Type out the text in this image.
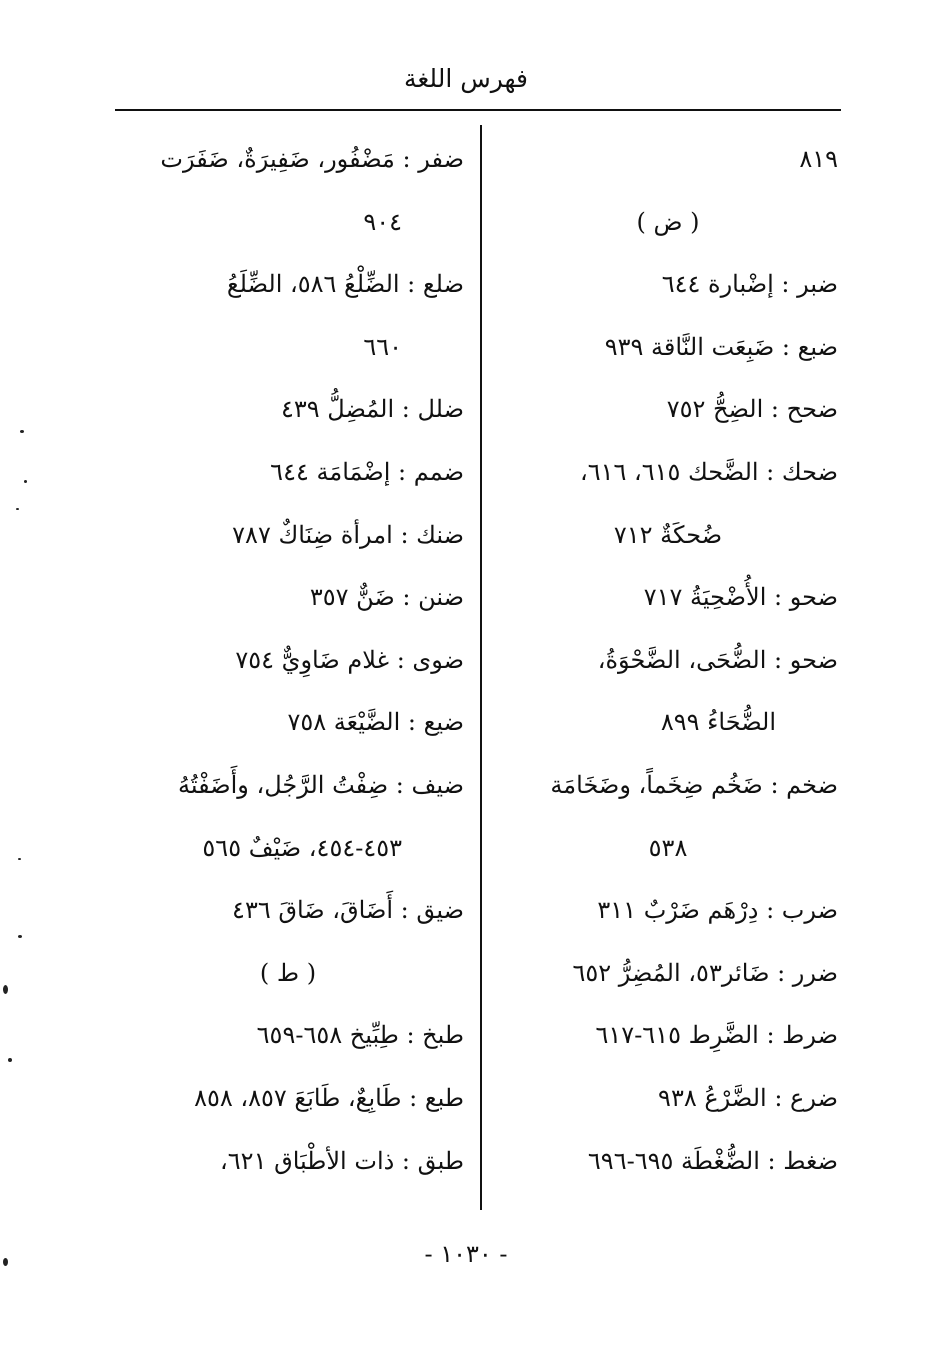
فهرس اللغة
٨١٩
( ض )
ضبر : إضْبارة ٦٤٤
ضبع : ضَبِعَت النَّاقة ٩٣٩
ضحح : الضِحُّ ٧٥٢
ضحك : الضَّحك ٦١٥، ٦١٦،
ضُحكَةٌ ٧١٢
ضحو : الأُضْحِيَةُ ٧١٧
ضحو : الضُّحَى، الضَّحْوَةُ،
الضُّحَاءُ ٨٩٩
ضخم : ضَخُم ضِخَماً، وضَخَامَة
٥٣٨
ضرب : دِرْهَم ضَرْبٌ ٣١١
ضرر : ضَائر٥٣، المُضِرُّ ٦٥٢
ضرط : الضَّرِط ٦١٥-٦١٧
ضرع : الضَّرْعُ ٩٣٨
ضغط : الضُّغْطَة ٦٩٥-٦٩٦
ضفر : مَضْفُور، ضَفِيرَةٌ، ضَفَرَت
٩٠٤
ضلع : الضِّلْعُ ٥٨٦، الضِّلَعُ
٦٦٠
ضلل : المُضِلُّ ٤٣٩
ضمم : إضْمَامَة ٦٤٤
ضنك : امرأة ضِنَاكٌ ٧٨٧
ضنن : ضَنٌّ ٣٥٧
ضوى : غلام ضَاوِيٌّ ٧٥٤
ضيع : الضَّيْعَة ٧٥٨
ضيف : ضِفْتُ الرَّجُل، وأَضَفْتُهُ
٤٥٣-٤٥٤، ضَيْفٌ ٥٦٥
ضيق : أَضَاقَ، ضَاقَ ٤٣٦
( ط )
طبخ : طِبِّيخ ٦٥٨-٦٥٩
طبع : طَابِعٌ، طَابَعَ ٨٥٧، ٨٥٨
طبق : ذات الأطْبَاق ٦٢١،
- ١٠٣٠ -
